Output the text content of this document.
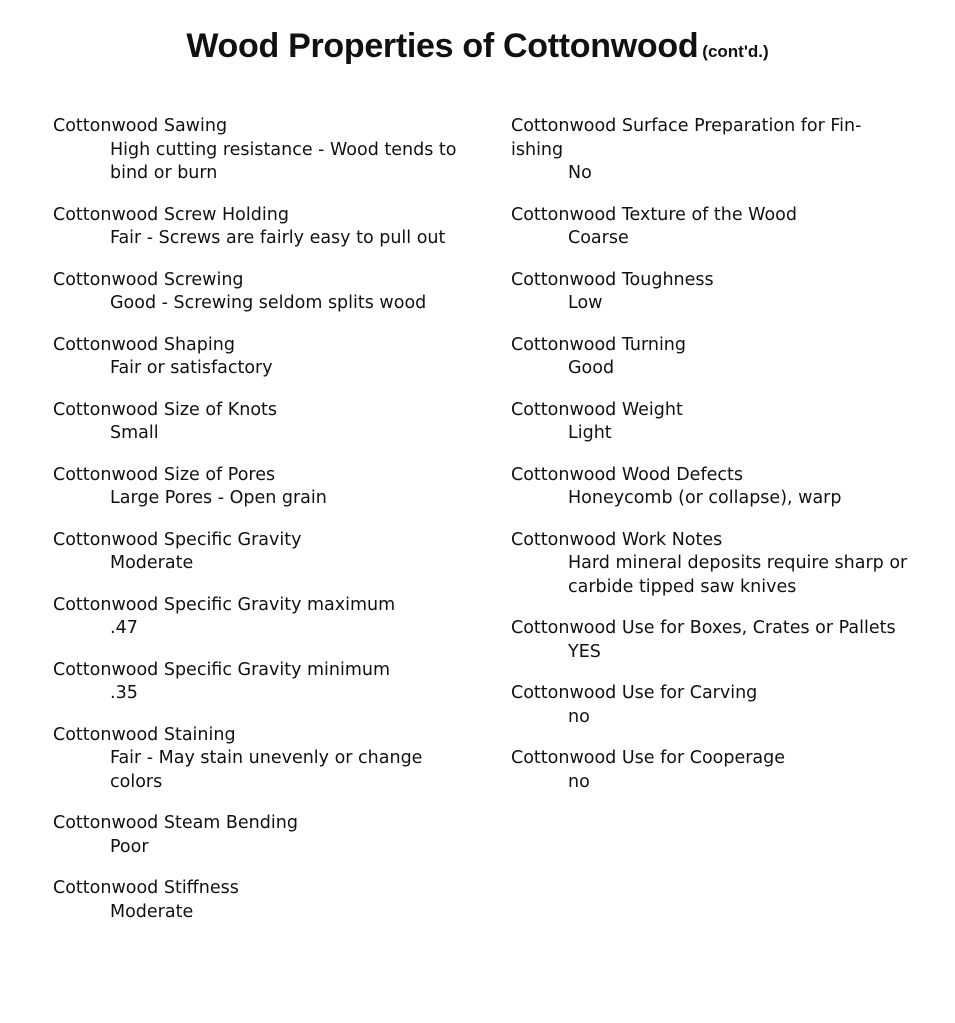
Wood Properties of Cottonwood (cont'd.)
Cottonwood Sawing
High cutting resistance - Wood tends to bind or burn
Cottonwood Screw Holding
Fair - Screws are fairly easy to pull out
Cottonwood Screwing
Good - Screwing seldom splits wood
Cottonwood Shaping
Fair or satisfactory
Cottonwood Size of Knots
Small
Cottonwood Size of Pores
Large Pores - Open grain
Cottonwood Specific Gravity
Moderate
Cottonwood Specific Gravity maximum
.47
Cottonwood Specific Gravity minimum
.35
Cottonwood Staining
Fair - May stain unevenly or change colors
Cottonwood Steam Bending
Poor
Cottonwood Stiffness
Moderate
Cottonwood Surface Preparation for Fin-ishing
No
Cottonwood Texture of the Wood
Coarse
Cottonwood Toughness
Low
Cottonwood Turning
Good
Cottonwood Weight
Light
Cottonwood Wood Defects
Honeycomb (or collapse), warp
Cottonwood Work Notes
Hard mineral deposits require sharp or carbide tipped saw knives
Cottonwood Use for Boxes, Crates or Pallets
YES
Cottonwood Use for Carving
no
Cottonwood Use for Cooperage
no
